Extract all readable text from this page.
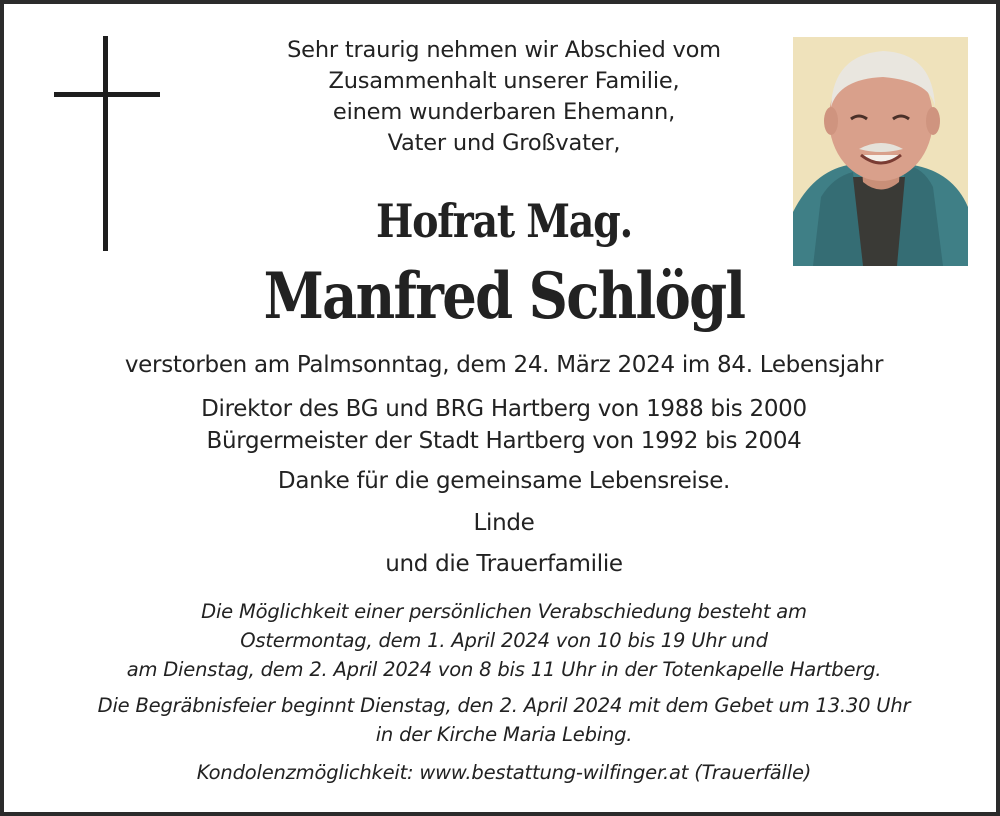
Sehr traurig nehmen wir Abschied vom
Zusammenhalt unserer Familie,
einem wunderbaren Ehemann,
Vater und Großvater,
Hofrat Mag.
Manfred Schlögl
verstorben am Palmsonntag, dem 24. März 2024 im 84. Lebensjahr
Direktor des BG und BRG Hartberg von 1988 bis 2000
Bürgermeister der Stadt Hartberg von 1992 bis 2004
Danke für die gemeinsame Lebensreise.
Linde
und die Trauerfamilie
Die Möglichkeit einer persönlichen Verabschiedung besteht am
Ostermontag, dem 1. April 2024 von 10 bis 19 Uhr und
am Dienstag, dem 2. April 2024 von 8 bis 11 Uhr in der Totenkapelle Hartberg.
Die Begräbnisfeier beginnt Dienstag, den 2. April 2024 mit dem Gebet um 13.30 Uhr
in der Kirche Maria Lebing.
Kondolenzmöglichkeit: www.bestattung-wilfinger.at (Trauerfälle)
